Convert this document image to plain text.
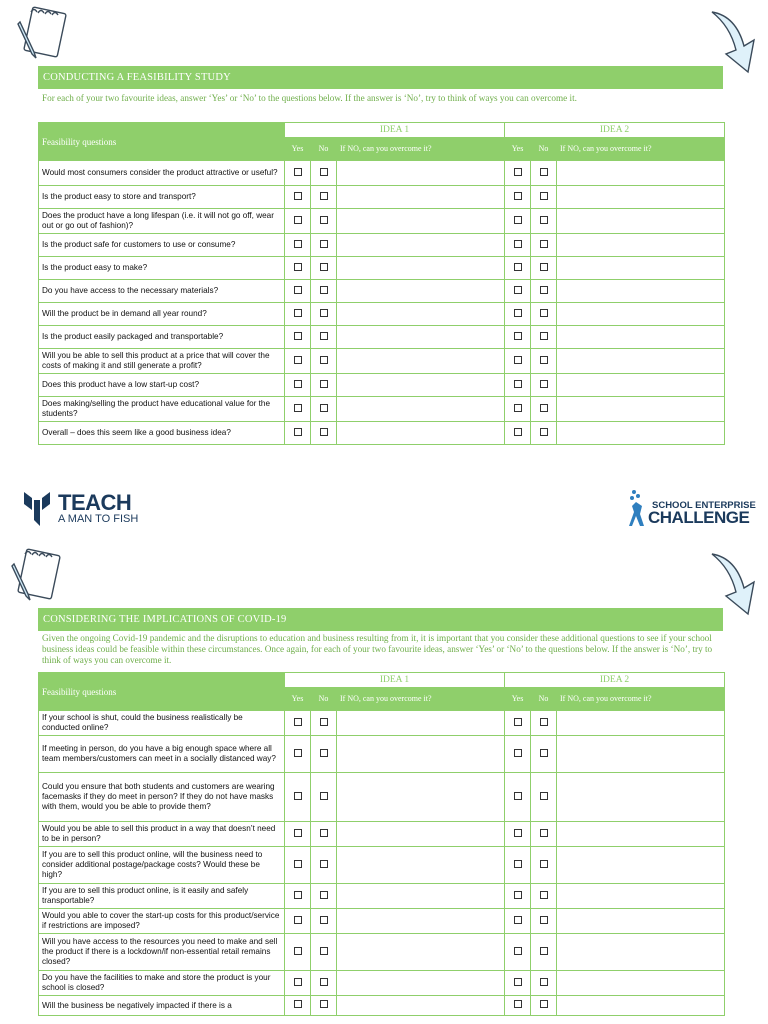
CONDUCTING A FEASIBILITY STUDY
For each of your two favourite ideas, answer ‘Yes’ or ‘No’ to the questions below. If the answer is ‘No’, try to think of ways you can overcome it.
Feasibility questions	IDEA 1			IDEA 2		
	Yes	No	If NO, can you overcome it?	Yes	No	If NO, can you overcome it?
Would most consumers consider the product attractive or useful?						
Is the product easy to store and transport?						
Does the product have a long lifespan (i.e. it will not go off, wear out or go out of fashion)?						
Is the product safe for customers to use or consume?						
Is the product easy to make?						
Do you have access to the necessary materials?						
Will the product be in demand all year round?						
Is the product easily packaged and transportable?						
Will you be able to sell this product at a price that will cover the costs of making it and still generate a profit?						
Does this product have a low start-up cost?						
Does making/selling the product have educational value for the students?						
Overall – does this seem like a good business idea?						
TEACH
A MAN TO FISH
SCHOOL ENTERPRISE
CHALLENGE
CONSIDERING THE IMPLICATIONS OF COVID-19
Given the ongoing Covid-19 pandemic and the disruptions to education and business resulting from it, it is important that you consider these additional questions to see if your school business ideas could be feasible within these circumstances. Once again, for each of your two favourite ideas, answer ‘Yes’ or ‘No’ to the questions below. If the answer is ‘No’, try to think of ways you can overcome it.
Feasibility questions	IDEA 1			IDEA 2		
	Yes	No	If NO, can you overcome it?	Yes	No	If NO, can you overcome it?
If your school is shut, could the business realistically be conducted online?						
If meeting in person, do you have a big enough space where all team members/customers can meet in a socially distanced way?						
Could you ensure that both students and customers are wearing facemasks if they do meet in person? If they do not have masks with them, would you be able to provide them?						
Would you be able to sell this product in a way that doesn’t need to be in person?						
If you are to sell this product online, will the business need to consider additional postage/package costs? Would these be high?						
If you are to sell this product online, is it easily and safely transportable?						
Would you able to cover the start-up costs for this product/service if restrictions are imposed?						
Will you have access to the resources you need to make and sell the product if there is a lockdown/if non-essential retail remains closed?						
Do you have the facilities to make and store the product is your school is closed?						
Will the business be negatively impacted if there is a						
